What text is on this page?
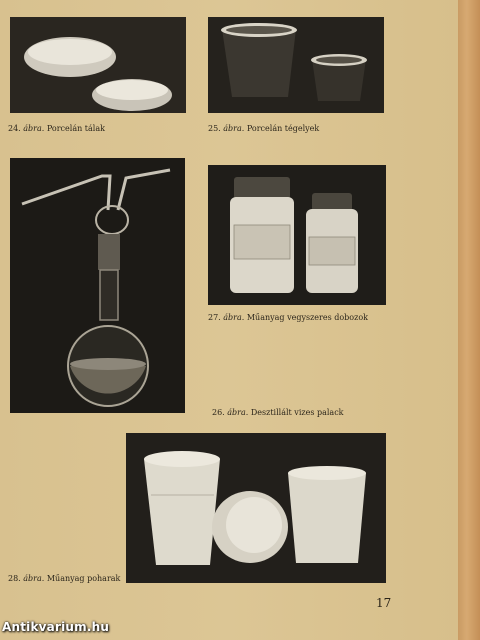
24. ábra. Porcelán tálak	25. ábra. Porcelán tégelyek
26. ábra. Desztillált vizes palack
27. ábra. Műanyag vegyszeres dobozok
28. ábra. Műanyag poharak
17
Antikvarium.hu
